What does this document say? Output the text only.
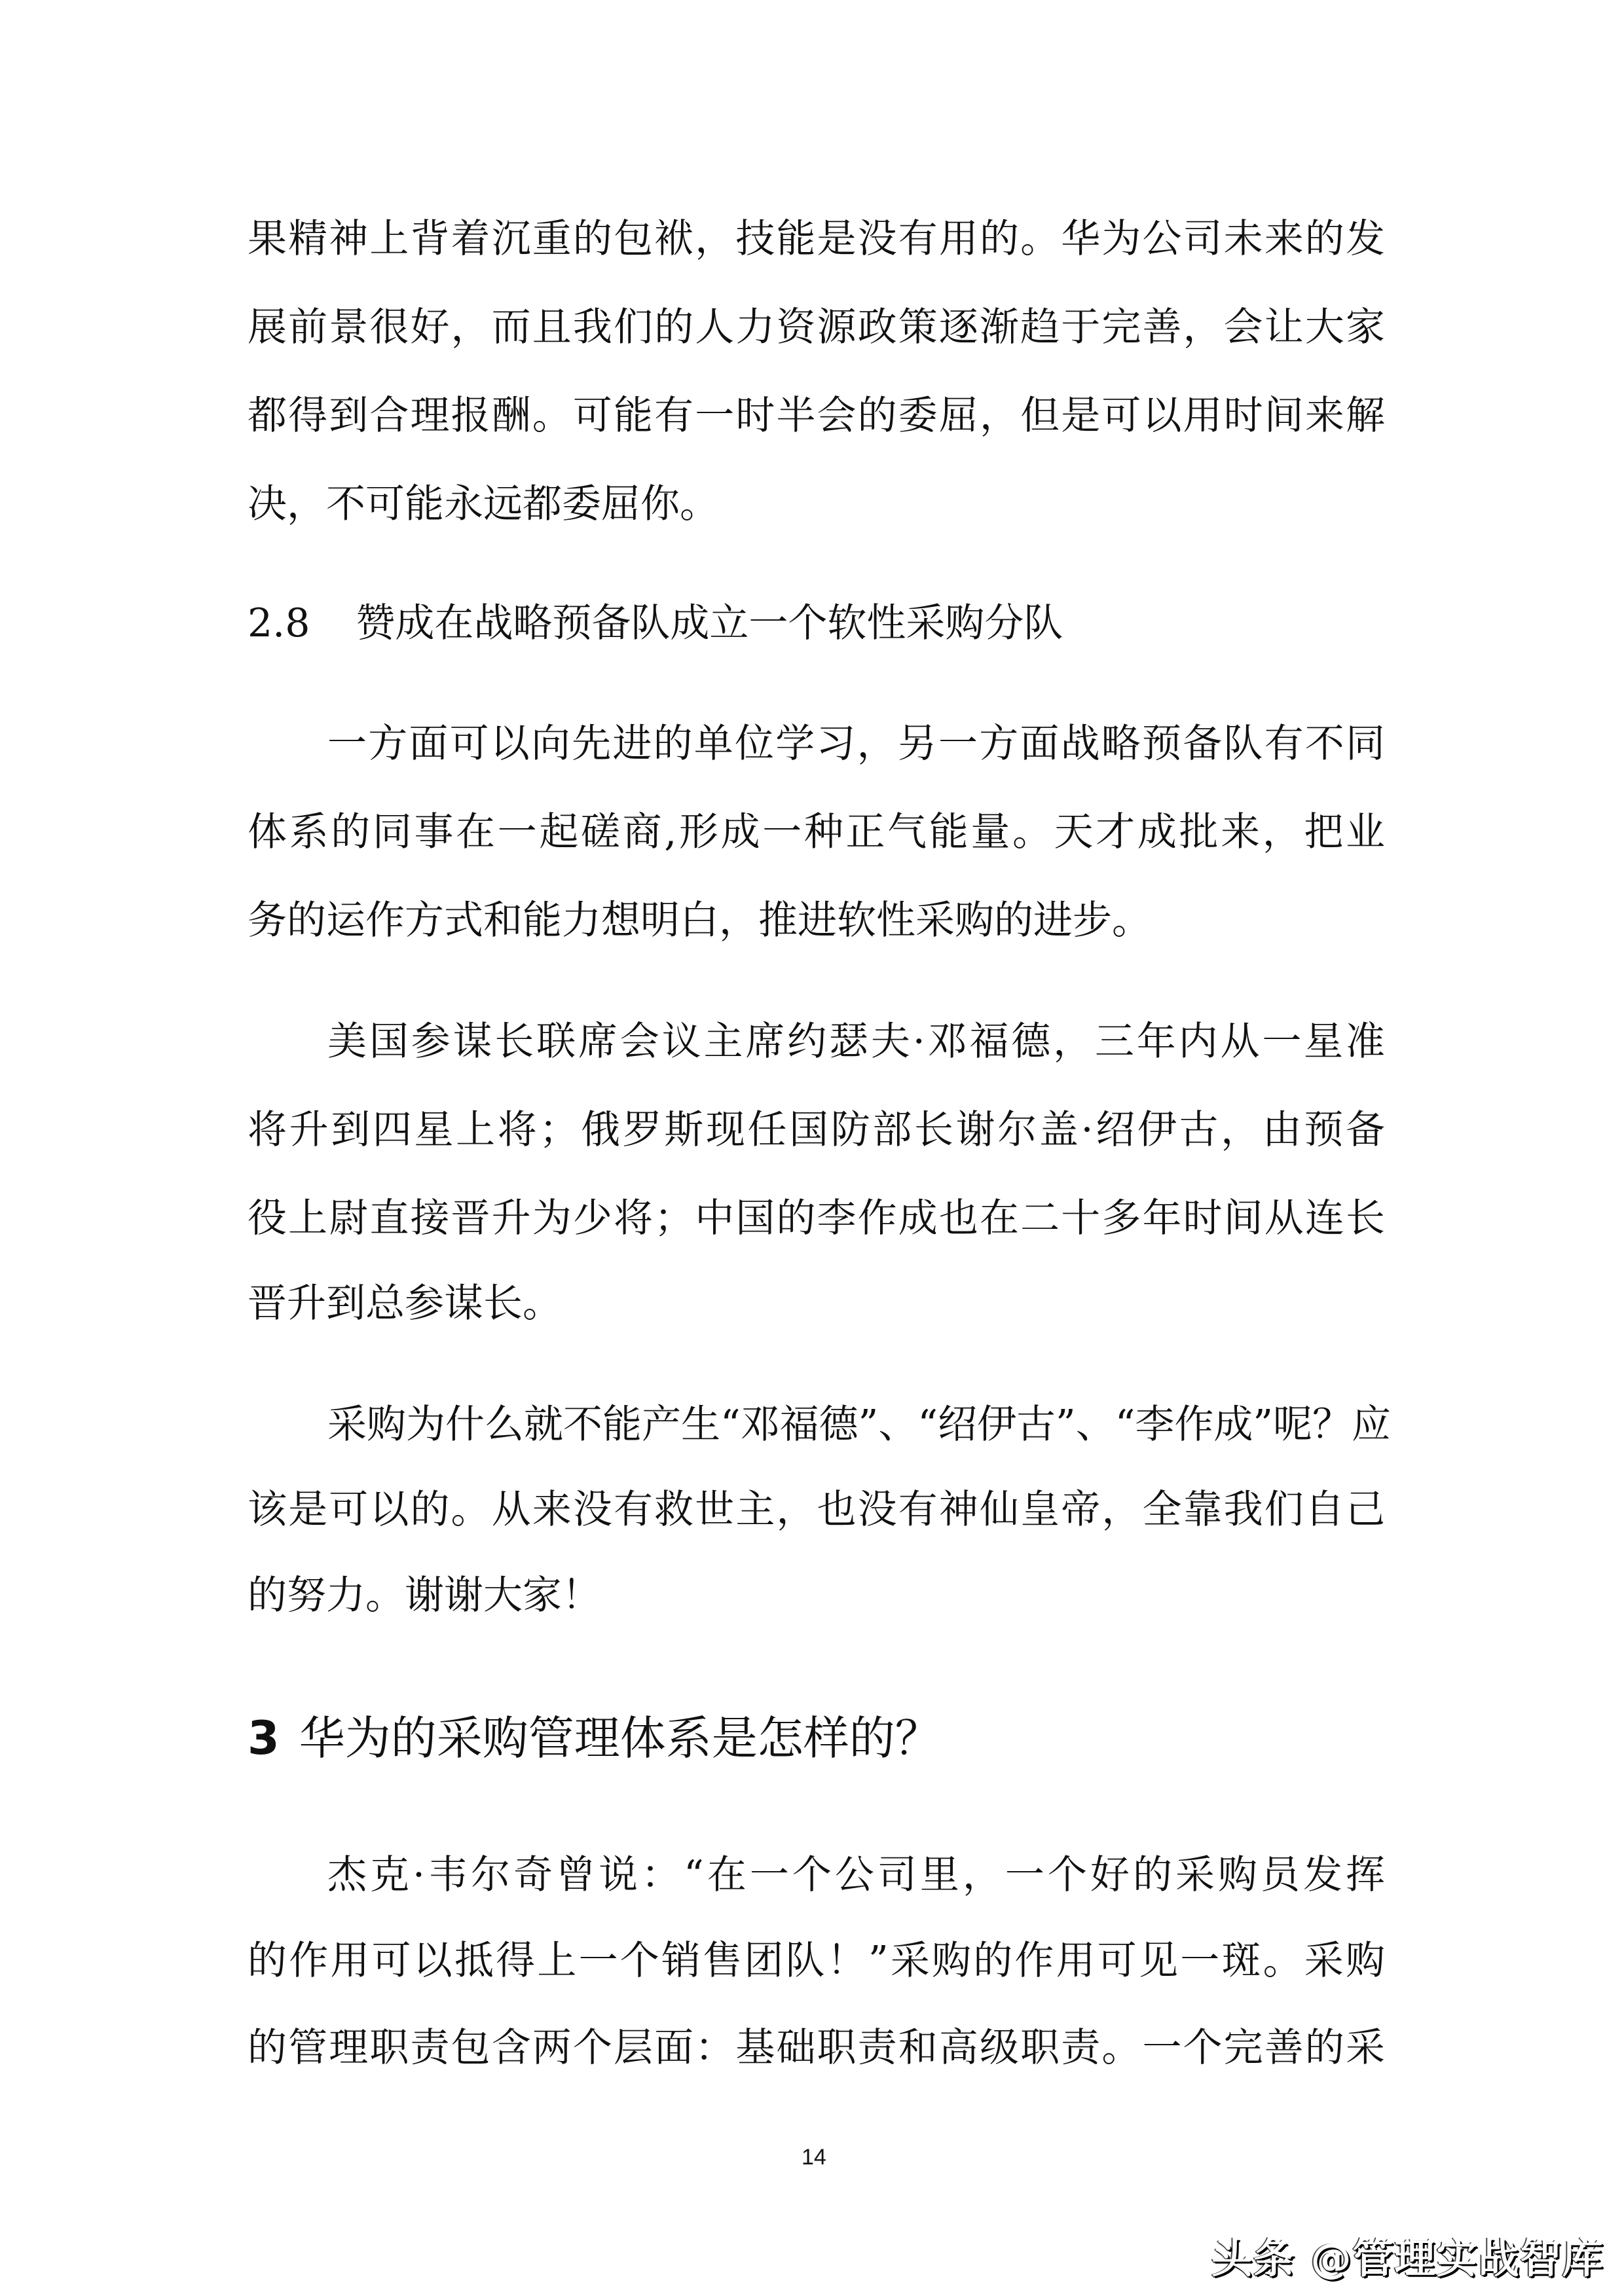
果精神上背着沉重的包袱，技能是没有用的。华为公司未来的发
展前景很好，而且我们的人力资源政策逐渐趋于完善，会让大家
都得到合理报酬。可能有一时半会的委屈，但是可以用时间来解
决，不可能永远都委屈你。
2.8 赞成在战略预备队成立一个软性采购分队
一方面可以向先进的单位学习，另一方面战略预备队有不同
体系的同事在一起磋商,形成一种正气能量。天才成批来，把业
务的运作方式和能力想明白，推进软性采购的进步。
美国参谋长联席会议主席约瑟夫·邓福德，三年内从一星准
将升到四星上将；俄罗斯现任国防部长谢尔盖·绍伊古，由预备
役上尉直接晋升为少将；中国的李作成也在二十多年时间从连长
晋升到总参谋长。
采购为什么就不能产生“邓福德”、“绍伊古”、“李作成”呢？应
该是可以的。从来没有救世主，也没有神仙皇帝，全靠我们自己
的努力。谢谢大家！
3 华为的采购管理体系是怎样的？
杰克·韦尔奇曾说：“在一个公司里，一个好的采购员发挥
的作用可以抵得上一个销售团队！”采购的作用可见一斑。采购
的管理职责包含两个层面：基础职责和高级职责。一个完善的采
14
头条 @管理实战智库
